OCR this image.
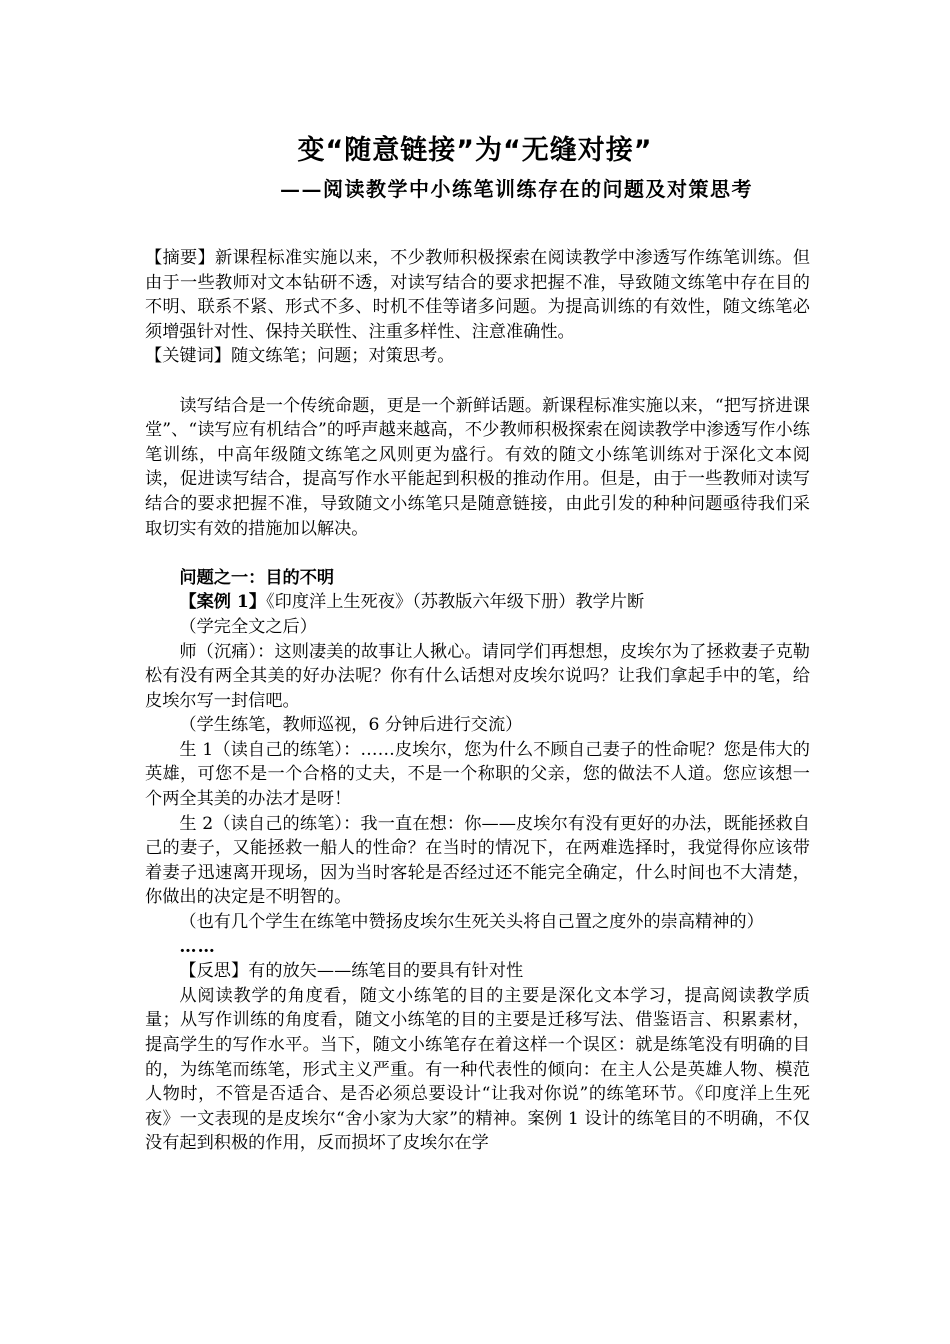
变“随意链接”为“无缝对接”
——阅读教学中小练笔训练存在的问题及对策思考

【摘要】新课程标准实施以来，不少教师积极探索在阅读教学中渗透写作练笔训练。但由于一些教师对文本钻研不透，对读写结合的要求把握不准，导致随文练笔中存在目的不明、联系不紧、形式不多、时机不佳等诸多问题。为提高训练的有效性，随文练笔必须增强针对性、保持关联性、注重多样性、注意准确性。

【关键词】随文练笔；问题；对策思考。

读写结合是一个传统命题，更是一个新鲜话题。新课程标准实施以来，“把写挤进课堂”、“读写应有机结合”的呼声越来越高，不少教师积极探索在阅读教学中渗透写作小练笔训练，中高年级随文练笔之风则更为盛行。有效的随文小练笔训练对于深化文本阅读，促进读写结合，提高写作水平能起到积极的推动作用。但是，由于一些教师对读写结合的要求把握不准，导致随文小练笔只是随意链接，由此引发的种种问题亟待我们采取切实有效的措施加以解决。

问题之一：目的不明

【案例 1】《印度洋上生死夜》（苏教版六年级下册）教学片断

（学完全文之后）

师（沉痛）：这则凄美的故事让人揪心。请同学们再想想，皮埃尔为了拯救妻子克勒松有没有两全其美的好办法呢？你有什么话想对皮埃尔说吗？让我们拿起手中的笔，给皮埃尔写一封信吧。

（学生练笔，教师巡视，6 分钟后进行交流）

生 1（读自己的练笔）：……皮埃尔，您为什么不顾自己妻子的性命呢？您是伟大的英雄，可您不是一个合格的丈夫，不是一个称职的父亲，您的做法不人道。您应该想一个两全其美的办法才是呀！

生 2（读自己的练笔）：我一直在想：你——皮埃尔有没有更好的办法，既能拯救自己的妻子，又能拯救一船人的性命？在当时的情况下，在两难选择时，我觉得你应该带着妻子迅速离开现场，因为当时客轮是否经过还不能完全确定，什么时间也不大清楚，你做出的决定是不明智的。

（也有几个学生在练笔中赞扬皮埃尔生死关头将自己置之度外的崇高精神的）

……

【反思】有的放矢——练笔目的要具有针对性

从阅读教学的角度看，随文小练笔的目的主要是深化文本学习，提高阅读教学质量；从写作训练的角度看，随文小练笔的目的主要是迁移写法、借鉴语言、积累素材，提高学生的写作水平。当下，随文小练笔存在着这样一个误区：就是练笔没有明确的目的，为练笔而练笔，形式主义严重。有一种代表性的倾向：在主人公是英雄人物、模范人物时，不管是否适合、是否必须总要设计“让我对你说”的练笔环节。《印度洋上生死夜》一文表现的是皮埃尔“舍小家为大家”的精神。案例 1 设计的练笔目的不明确，不仅没有起到积极的作用，反而损坏了皮埃尔在学
